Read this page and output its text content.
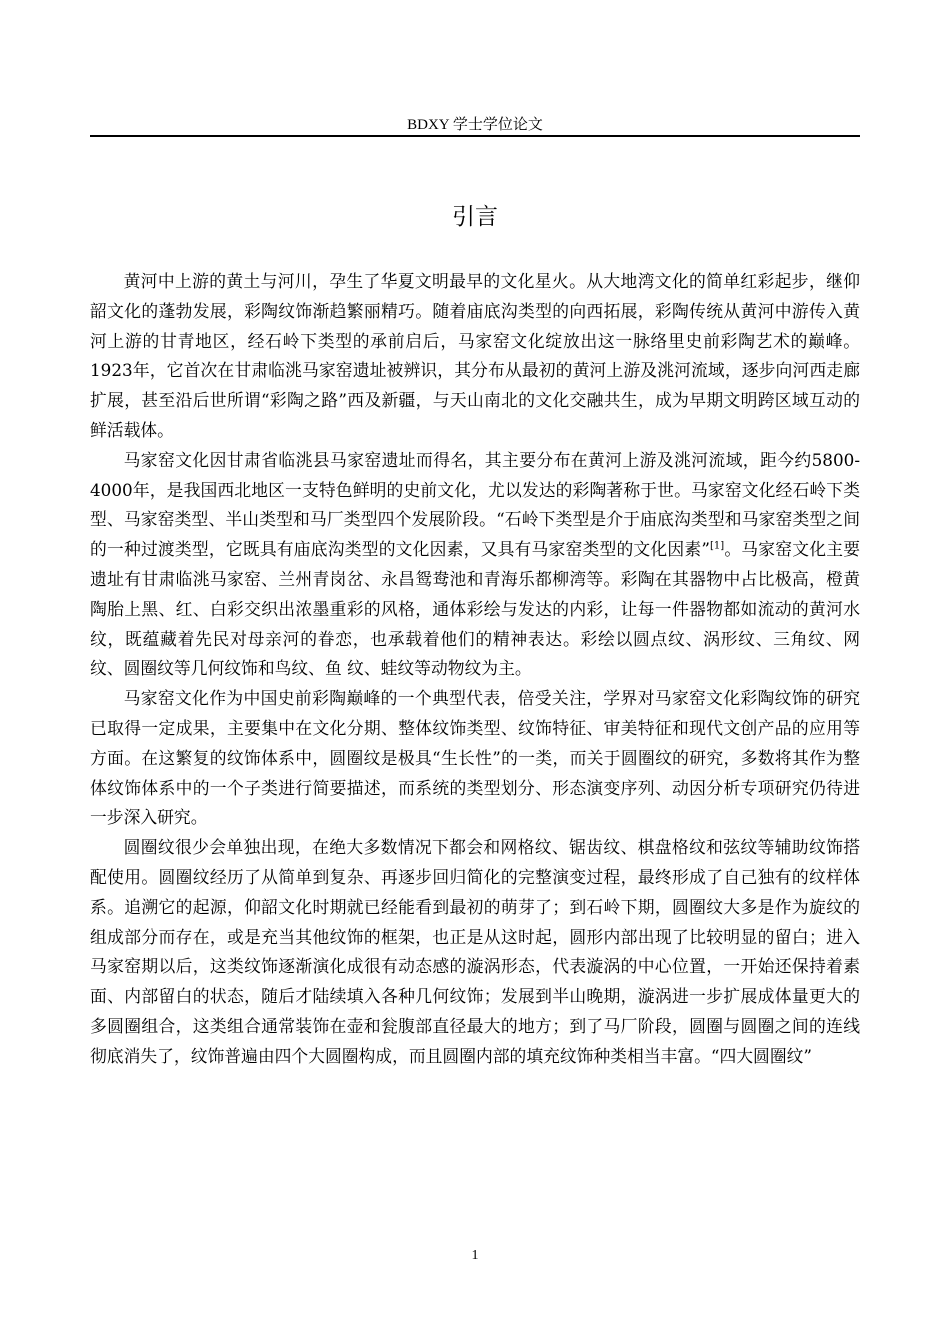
BDXY 学士学位论文
引言

黄河中上游的黄土与河川，孕生了华夏文明最早的文化星火。从大地湾文化的简单红彩起步，继仰韶文化的蓬勃发展，彩陶纹饰渐趋繁丽精巧。随着庙底沟类型的向西拓展，彩陶传统从黄河中游传入黄河上游的甘青地区，经石岭下类型的承前启后，马家窑文化绽放出这一脉络里史前彩陶艺术的巅峰。1923年，它首次在甘肃临洮马家窑遗址被辨识，其分布从最初的黄河上游及洮河流域，逐步向河西走廊扩展，甚至沿后世所谓“彩陶之路”西及新疆，与天山南北的文化交融共生，成为早期文明跨区域互动的鲜活载体。

马家窑文化因甘肃省临洮县马家窑遗址而得名，其主要分布在黄河上游及洮河流域，距今约5800-4000年，是我国西北地区一支特色鲜明的史前文化，尤以发达的彩陶著称于世。马家窑文化经石岭下类型、马家窑类型、半山类型和马厂类型四个发展阶段。“石岭下类型是介于庙底沟类型和马家窑类型之间的一种过渡类型，它既具有庙底沟类型的文化因素，又具有马家窑类型的文化因素”[1]。马家窑文化主要遗址有甘肃临洮马家窑、兰州青岗岔、永昌鸳鸯池和青海乐都柳湾等。彩陶在其器物中占比极高，橙黄陶胎上黑、红、白彩交织出浓墨重彩的风格，通体彩绘与发达的内彩，让每一件器物都如流动的黄河水纹，既蕴藏着先民对母亲河的眷恋，也承载着他们的精神表达。彩绘以圆点纹、涡形纹、三角纹、网纹、圆圈纹等几何纹饰和鸟纹、鱼 纹、蛙纹等动物纹为主。

马家窑文化作为中国史前彩陶巅峰的一个典型代表，倍受关注，学界对马家窑文化彩陶纹饰的研究已取得一定成果，主要集中在文化分期、整体纹饰类型、纹饰特征、审美特征和现代文创产品的应用等方面。在这繁复的纹饰体系中，圆圈纹是极具“生长性”的一类，而关于圆圈纹的研究，多数将其作为整体纹饰体系中的一个子类进行简要描述，而系统的类型划分、形态演变序列、动因分析专项研究仍待进一步深入研究。

圆圈纹很少会单独出现，在绝大多数情况下都会和网格纹、锯齿纹、棋盘格纹和弦纹等辅助纹饰搭配使用。圆圈纹经历了从简单到复杂、再逐步回归简化的完整演变过程，最终形成了自己独有的纹样体系。追溯它的起源，仰韶文化时期就已经能看到最初的萌芽了；到石岭下期，圆圈纹大多是作为旋纹的组成部分而存在，或是充当其他纹饰的框架，也正是从这时起，圆形内部出现了比较明显的留白；进入马家窑期以后，这类纹饰逐渐演化成很有动态感的漩涡形态，代表漩涡的中心位置，一开始还保持着素面、内部留白的状态，随后才陆续填入各种几何纹饰；发展到半山晚期，漩涡进一步扩展成体量更大的多圆圈组合，这类组合通常装饰在壶和瓮腹部直径最大的地方；到了马厂阶段，圆圈与圆圈之间的连线彻底消失了，纹饰普遍由四个大圆圈构成，而且圆圈内部的填充纹饰种类相当丰富。“四大圆圈纹”

1
